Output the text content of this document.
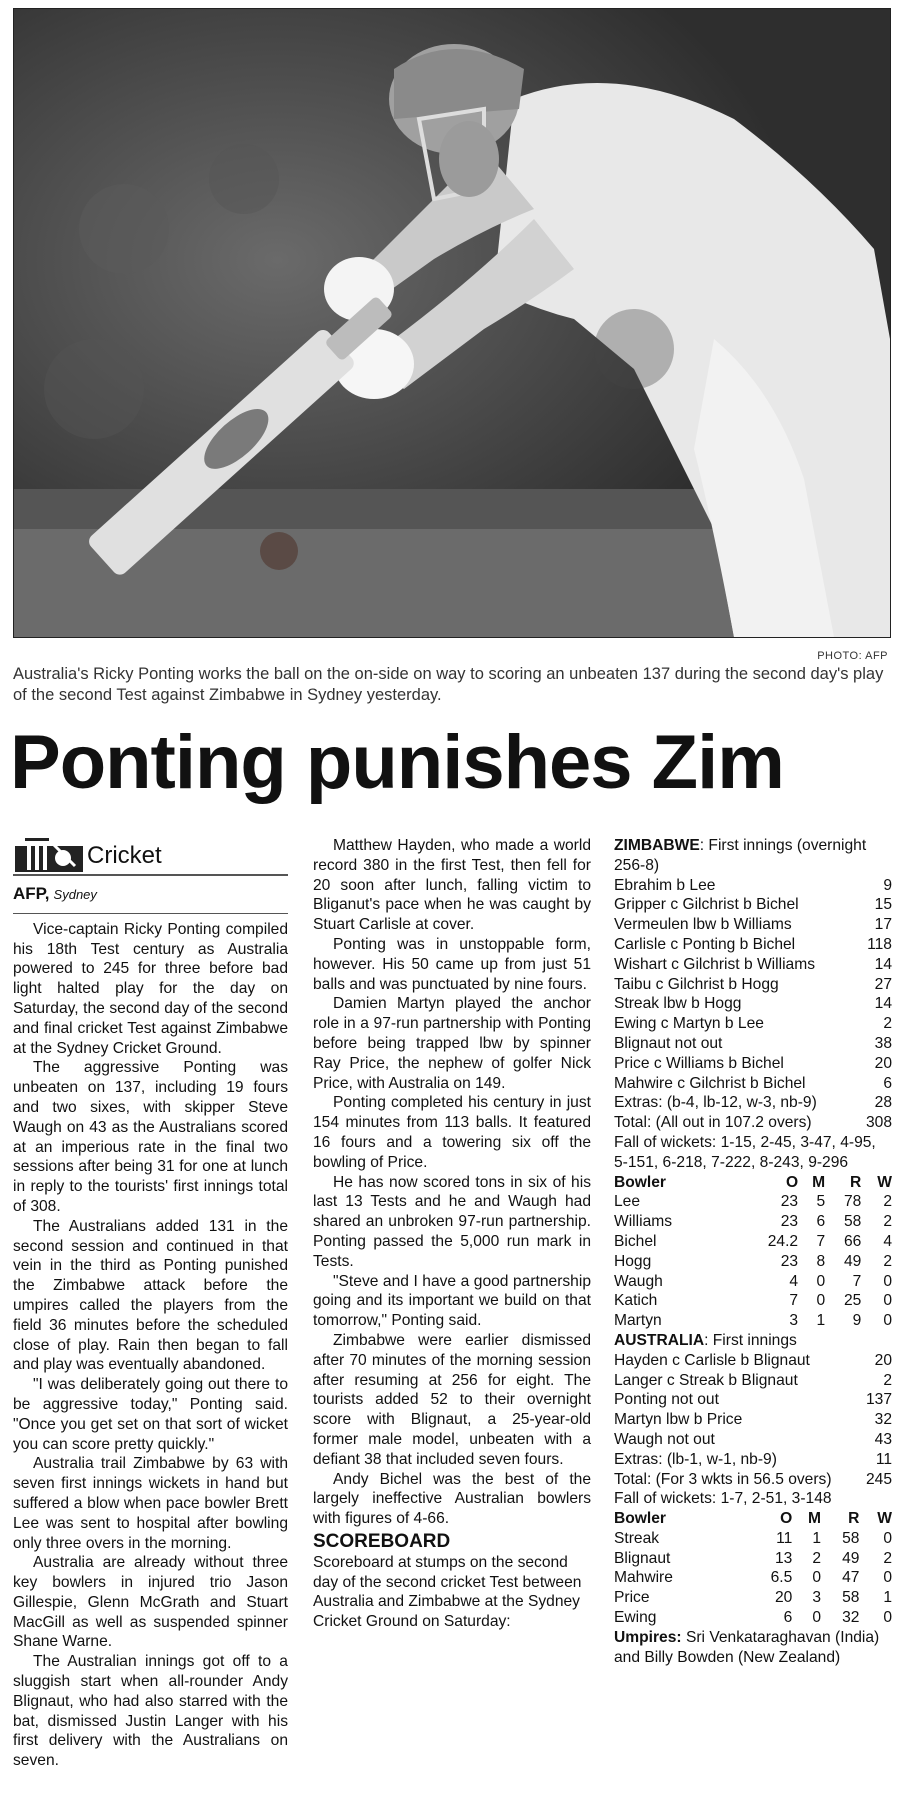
PHOTO: AFP
Australia's Ricky Ponting works the ball on the on-side on way to scoring an unbeaten 137 during the second day's play of the second Test against Zimbabwe in Sydney yesterday.
Ponting punishes Zim
Cricket
AFP, Sydney

Vice-captain Ricky Ponting compiled his 18th Test century as Australia powered to 245 for three before bad light halted play for the day on Saturday, the second day of the second and final cricket Test against Zimbabwe at the Sydney Cricket Ground.

The aggressive Ponting was unbeaten on 137, including 19 fours and two sixes, with skipper Steve Waugh on 43 as the Australians scored at an imperious rate in the final two sessions after being 31 for one at lunch in reply to the tourists' first innings total of 308.

The Australians added 131 in the second session and continued in that vein in the third as Ponting punished the Zimbabwe attack before the umpires called the players from the field 36 minutes before the scheduled close of play. Rain then began to fall and play was eventually abandoned.

"I was deliberately going out there to be aggressive today," Ponting said. "Once you get set on that sort of wicket you can score pretty quickly."

Australia trail Zimbabwe by 63 with seven first innings wickets in hand but suffered a blow when pace bowler Brett Lee was sent to hospital after bowling only three overs in the morning.

Australia are already without three key bowlers in injured trio Jason Gillespie, Glenn McGrath and Stuart MacGill as well as suspended spinner Shane Warne.

The Australian innings got off to a sluggish start when all-rounder Andy Blignaut, who had also starred with the bat, dismissed Justin Langer with his first delivery with the Australians on seven.

Matthew Hayden, who made a world record 380 in the first Test, then fell for 20 soon after lunch, falling victim to Bliganut's pace when he was caught by Stuart Carlisle at cover.

Ponting was in unstoppable form, however. His 50 came up from just 51 balls and was punctuated by nine fours.

Damien Martyn played the anchor role in a 97-run partnership with Ponting before being trapped lbw by spinner Ray Price, the nephew of golfer Nick Price, with Australia on 149.

Ponting completed his century in just 154 minutes from 113 balls. It featured 16 fours and a towering six off the bowling of Price.

He has now scored tons in six of his last 13 Tests and he and Waugh had shared an unbroken 97-run partnership. Ponting passed the 5,000 run mark in Tests.

"Steve and I have a good partnership going and its important we build on that tomorrow," Ponting said.

Zimbabwe were earlier dismissed after 70 minutes of the morning session after resuming at 256 for eight. The tourists added 52 to their overnight score with Blignaut, a 25-year-old former male model, unbeaten with a defiant 38 that included seven fours.

Andy Bichel was the best of the largely ineffective Australian bowlers with figures of 4-66.

SCOREBOARD

Scoreboard at stumps on the second day of the second cricket Test between Australia and Zimbabwe at the Sydney Cricket Ground on Saturday:

ZIMBABWE: First innings (overnight 256-8)
Ebrahim b Lee	9
Gripper c Gilchrist b Bichel	15
Vermeulen lbw b Williams	17
Carlisle c Ponting b Bichel	118
Wishart c Gilchrist b Williams	14
Taibu c Gilchrist b Hogg	27
Streak lbw b Hogg	14
Ewing c Martyn b Lee	2
Blignaut not out	38
Price c Williams b Bichel	20
Mahwire c Gilchrist b Bichel	6
Extras: (b-4, lb-12, w-3, nb-9)	28
Total: (All out in 107.2 overs)	308
Fall of wickets: 1-15, 2-45, 3-47, 4-95, 5-151, 6-218, 7-222, 8-243, 9-296
Bowler	O	M	R	W
Lee	23	5	78	2
Williams	23	6	58	2
Bichel	24.2	7	66	4
Hogg	23	8	49	2
Waugh	4	0	7	0
Katich	7	0	25	0
Martyn	3	1	9	0
AUSTRALIA: First innings
Hayden c Carlisle b Blignaut	20
Langer c Streak b Blignaut	2
Ponting not out	137
Martyn lbw b Price	32
Waugh not out	43
Extras: (lb-1, w-1, nb-9)	11
Total: (For 3 wkts in 56.5 overs) 245
Fall of wickets: 1-7, 2-51, 3-148
Bowler	O	M	R	W
Streak	11	1	58	0
Blignaut	13	2	49	2
Mahwire	6.5	0	47	0
Price	20	3	58	1
Ewing	6	0	32	0
Umpires: Sri Venkataraghavan (India) and Billy Bowden (New Zealand)
